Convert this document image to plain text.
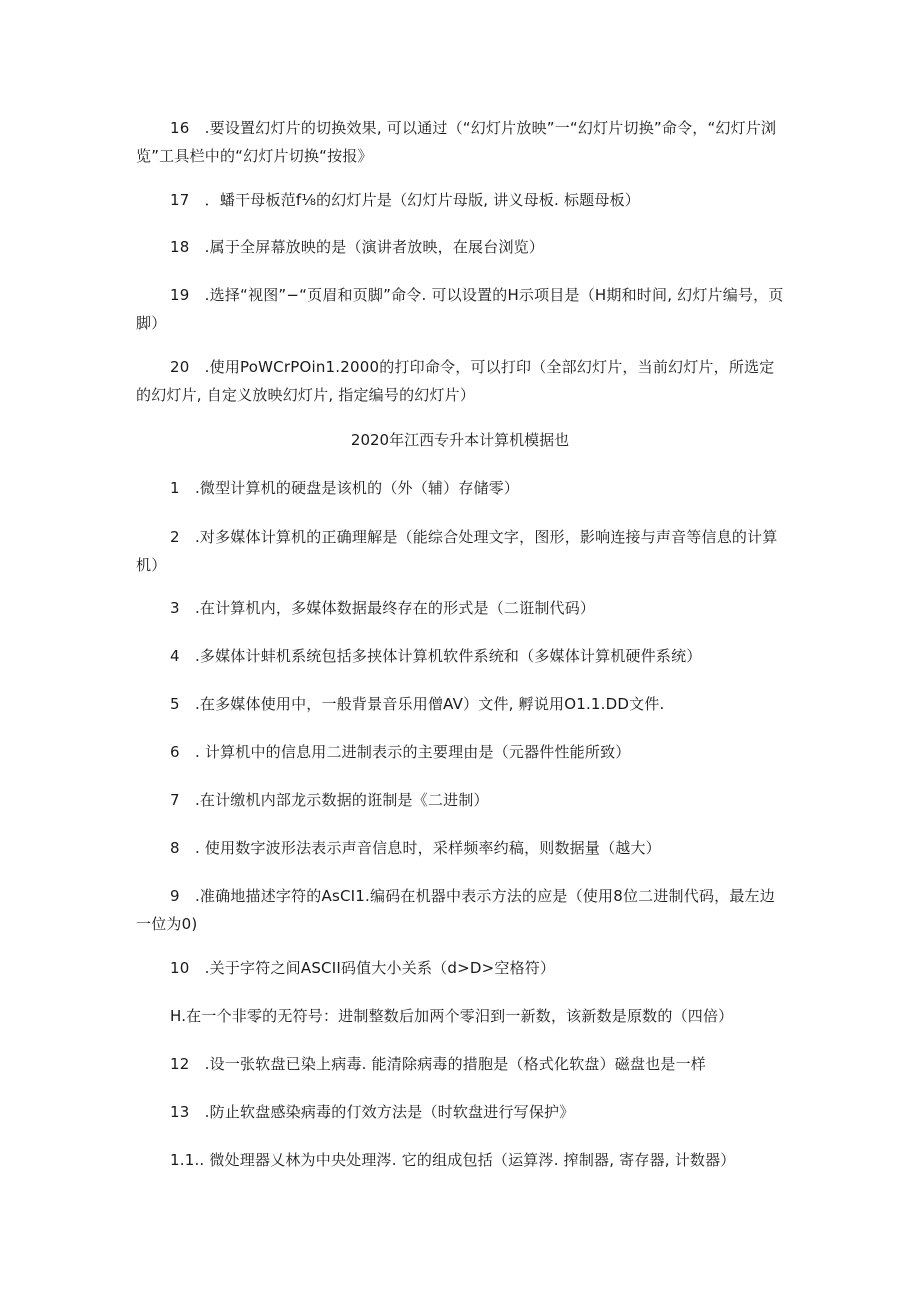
16　.要设置幻灯片的切换效果, 可以通过（“幻灯片放映”一“幻灯片切换”命令，“幻灯片浏览”工具栏中的“幻灯片切换“按报》

17　．蟠干母板范f⅛的幻灯片是（幻灯片母版, 讲义母板. 标题母板）

18　.属于全屏幕放映的是（演讲者放映，在展台浏览）

19　.选择“视图”−“页眉和页脚”命令. 可以设置的H示项目是（H期和时间, 幻灯片编号，页脚）

20　.使用PoWCrPOin1.2000的打印命令，可以打印（全部幻灯片，当前幻灯片，所选定的幻灯片, 自定义放映幻灯片, 指定编号的幻灯片）

2020年江西专升本计算机模据也

1　.微型计算机的硬盘是该机的（外（辅）存储零）

2　.对多媒体计算机的正确理解是（能综合处理文字，图形，影响连接与声音等信息的计算机）

3　.在计算机内，多媒体数据最终存在的形式是（二诳制代码）

4　.多媒体计蚌机系统包括多挟体计算机软件系统和（多媒体计算机硬件系统）

5　.在多媒体使用中，一般背景音乐用僧AV）文件, 孵说用O1.1.DD文件.

6　. 计算机中的信息用二进制表示的主要理由是（元器件性能所致）

7　.在计缴机内部龙示数据的诳制是《二进制）

8　. 使用数字波形法表示声音信息时，采样频率约稿，则数据量（越大）

9　.准确地描述字符的AsCI1.编码在机器中表示方法的应是（使用8位二进制代码，最左边一位为0)

10　.关于字符之间ASCII码值大小关系（d>D>空格符）

H.在一个非零的无符号：进制整数后加两个零汨到一新数，该新数是原数的（四倍）

12　.设一张软盘已染上病毒. 能清除病毒的措胞是（格式化软盘）磁盘也是一样

13　.防止软盘感染病毒的仃效方法是（时软盘进行写保护》

1.1.. 微处理器乂林为中央处理涔. 它的组成包括（运算涔. 搾制器, 寄存器, 计数器）
